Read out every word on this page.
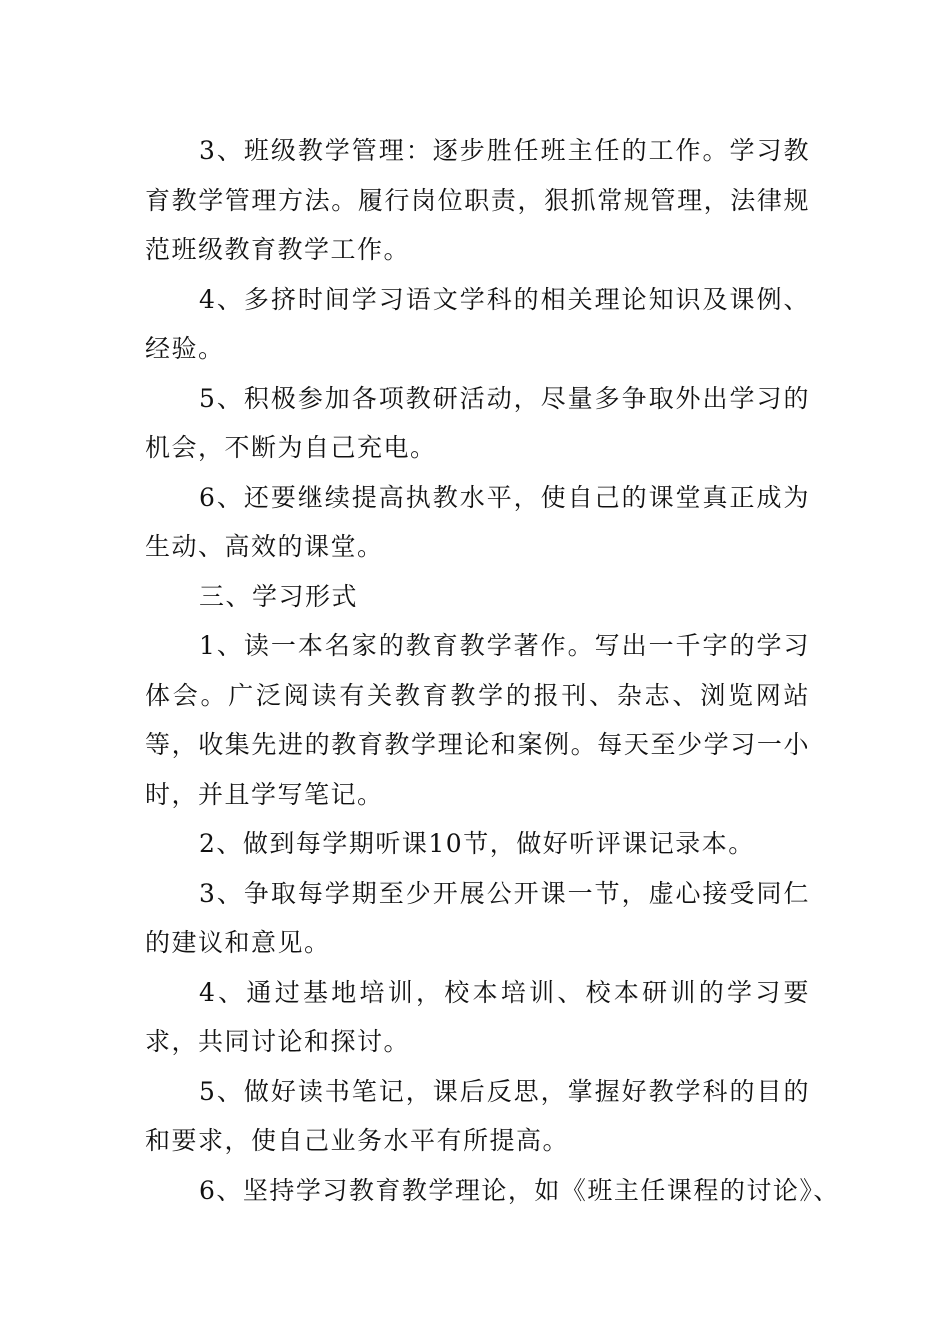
3、班级教学管理：逐步胜任班主任的工作。学习教育教学管理方法。履行岗位职责，狠抓常规管理，法律规范班级教育教学工作。

4、多挤时间学习语文学科的相关理论知识及课例、经验。

5、积极参加各项教研活动，尽量多争取外出学习的机会，不断为自己充电。

6、还要继续提高执教水平，使自己的课堂真正成为生动、高效的课堂。

三、学习形式

1、读一本名家的教育教学著作。写出一千字的学习体会。广泛阅读有关教育教学的报刊、杂志、浏览网站等，收集先进的教育教学理论和案例。每天至少学习一小时，并且学写笔记。

2、做到每学期听课10节，做好听评课记录本。

3、争取每学期至少开展公开课一节，虚心接受同仁的建议和意见。

4、通过基地培训，校本培训、校本研训的学习要求，共同讨论和探讨。

5、做好读书笔记，课后反思，掌握好教学科的目的和要求，使自己业务水平有所提高。

6、坚持学习教育教学理论，如《班主任课程的讨论》、
